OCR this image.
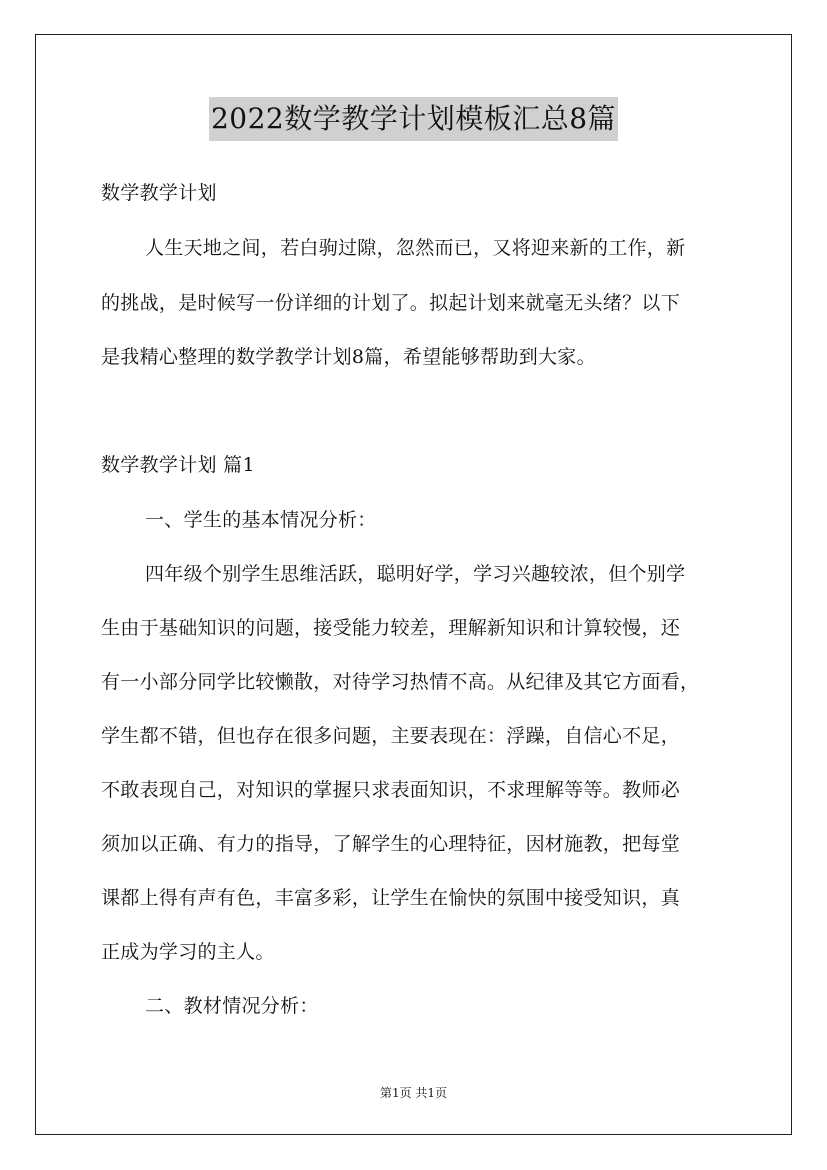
2022数学教学计划模板汇总8篇
数学教学计划
人生天地之间，若白驹过隙，忽然而已，又将迎来新的工作，新
的挑战，是时候写一份详细的计划了。拟起计划来就毫无头绪？以下
是我精心整理的数学教学计划8篇，希望能够帮助到大家。
数学教学计划 篇1
一、学生的基本情况分析：
四年级个别学生思维活跃，聪明好学，学习兴趣较浓，但个别学
生由于基础知识的问题，接受能力较差，理解新知识和计算较慢，还
有一小部分同学比较懒散，对待学习热情不高。从纪律及其它方面看，
学生都不错，但也存在很多问题，主要表现在：浮躁，自信心不足，
不敢表现自己，对知识的掌握只求表面知识，不求理解等等。教师必
须加以正确、有力的指导，了解学生的心理特征，因材施教，把每堂
课都上得有声有色，丰富多彩，让学生在愉快的氛围中接受知识，真
正成为学习的主人。
二、教材情况分析：
第1页 共1页
